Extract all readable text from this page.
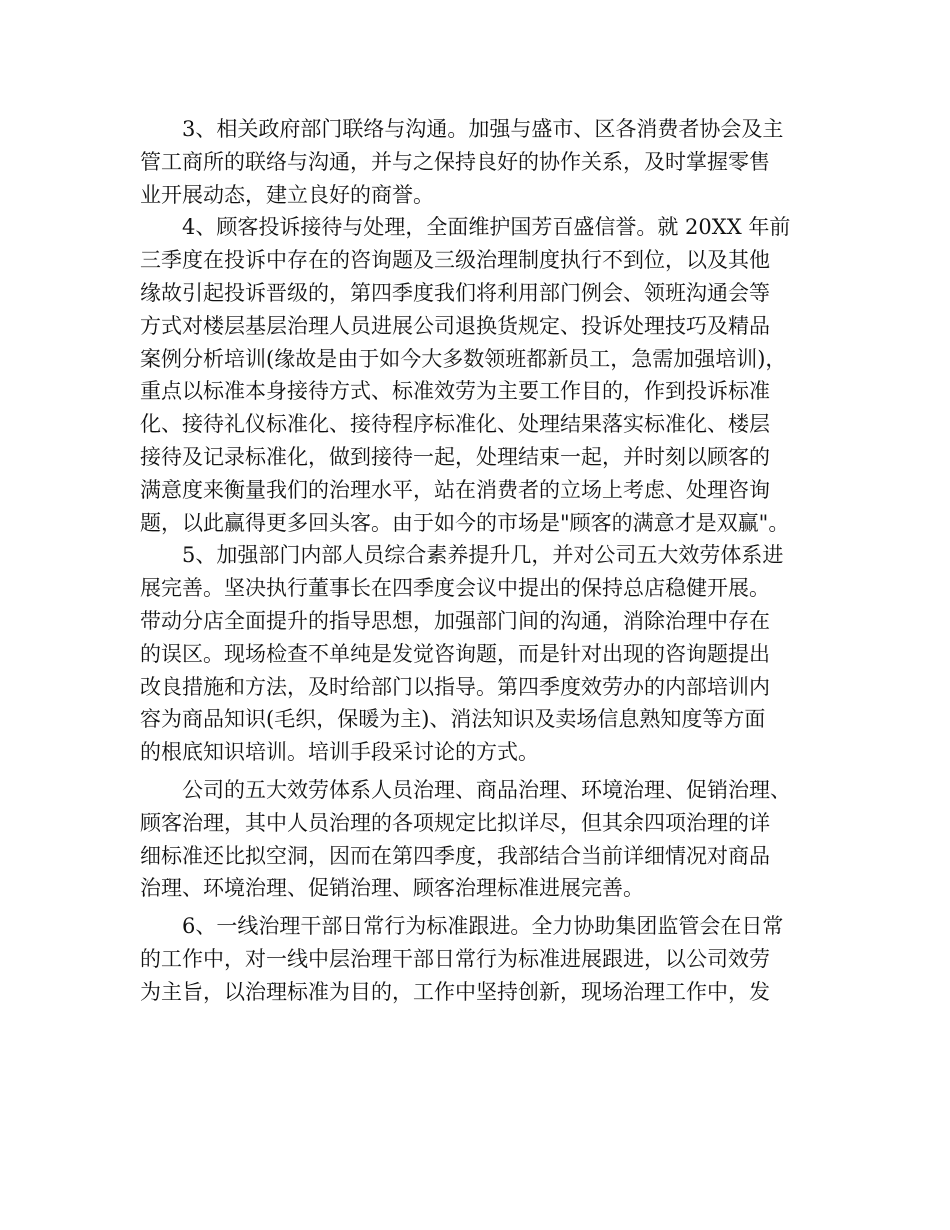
　　3、相关政府部门联络与沟通。加强与盛市、区各消费者协会及主
管工商所的联络与沟通，并与之保持良好的协作关系，及时掌握零售
业开展动态，建立良好的商誉。
　　4、顾客投诉接待与处理，全面维护国芳百盛信誉。就 20XX 年前
三季度在投诉中存在的咨询题及三级治理制度执行不到位，以及其他
缘故引起投诉晋级的，第四季度我们将利用部门例会、领班沟通会等
方式对楼层基层治理人员进展公司退换货规定、投诉处理技巧及精品
案例分析培训(缘故是由于如今大多数领班都新员工，急需加强培训)，
重点以标准本身接待方式、标准效劳为主要工作目的，作到投诉标准
化、接待礼仪标准化、接待程序标准化、处理结果落实标准化、楼层
接待及记录标准化，做到接待一起，处理结束一起，并时刻以顾客的
满意度来衡量我们的治理水平，站在消费者的立场上考虑、处理咨询
题，以此赢得更多回头客。由于如今的市场是"顾客的满意才是双赢"。
　　5、加强部门内部人员综合素养提升几，并对公司五大效劳体系进
展完善。坚决执行董事长在四季度会议中提出的保持总店稳健开展。
带动分店全面提升的指导思想，加强部门间的沟通，消除治理中存在
的误区。现场检查不单纯是发觉咨询题，而是针对出现的咨询题提出
改良措施和方法，及时给部门以指导。第四季度效劳办的内部培训内
容为商品知识(毛织，保暖为主)、消法知识及卖场信息熟知度等方面
的根底知识培训。培训手段采讨论的方式。
　　公司的五大效劳体系人员治理、商品治理、环境治理、促销治理、
顾客治理，其中人员治理的各项规定比拟详尽，但其余四项治理的详
细标准还比拟空洞，因而在第四季度，我部结合当前详细情况对商品
治理、环境治理、促销治理、顾客治理标准进展完善。
　　6、一线治理干部日常行为标准跟进。全力协助集团监管会在日常
的工作中，对一线中层治理干部日常行为标准进展跟进，以公司效劳
为主旨，以治理标准为目的，工作中坚持创新，现场治理工作中，发
